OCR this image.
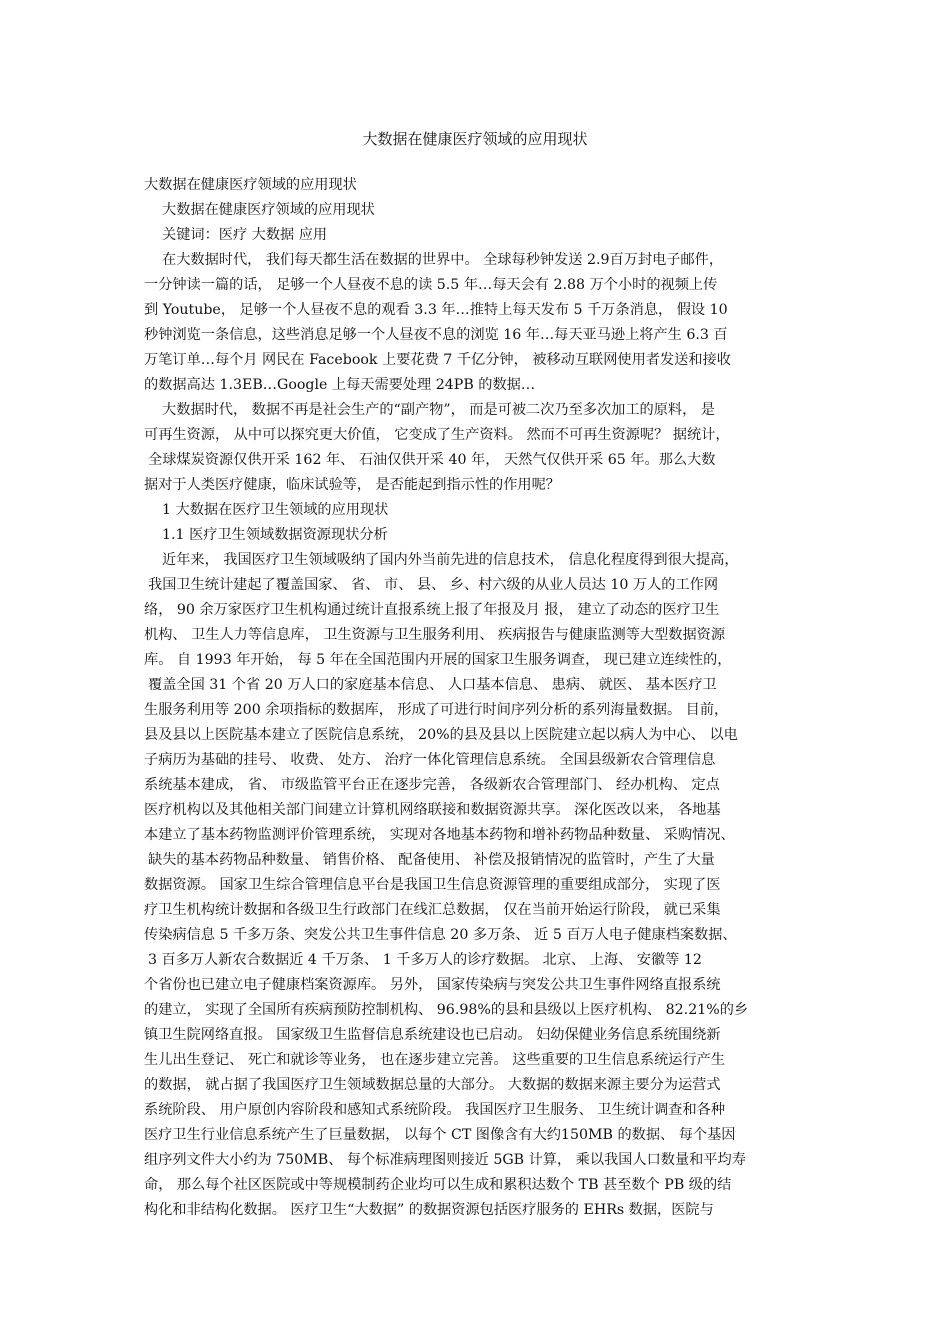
大数据在健康医疗领域的应用现状
大数据在健康医疗领域的应用现状
大数据在健康医疗领域的应用现状
关键词：医疗 大数据 应用
在大数据时代， 我们每天都生活在数据的世界中。 全球每秒钟发送 2.9百万封电子邮件，
一分钟读一篇的话， 足够一个人昼夜不息的读 5.5 年…每天会有 2.88 万个小时的视频上传
到 Youtube， 足够一个人昼夜不息的观看 3.3 年…推特上每天发布 5 千万条消息， 假设 10
秒钟浏览一条信息，这些消息足够一个人昼夜不息的浏览 16 年…每天亚马逊上将产生 6.3 百
万笔订单…每个月 网民在 Facebook 上要花费 7 千亿分钟， 被移动互联网使用者发送和接收
的数据高达 1.3EB…Google 上每天需要处理 24PB 的数据…
大数据时代， 数据不再是社会生产的“副产物”， 而是可被二次乃至多次加工的原料， 是
可再生资源， 从中可以探究更大价值， 它变成了生产资料。 然而不可再生资源呢？ 据统计，
全球煤炭资源仅供开采 162 年、 石油仅供开采 40 年， 天然气仅供开采 65 年。那么大数
据对于人类医疗健康，临床试验等， 是否能起到指示性的作用呢？
1 大数据在医疗卫生领域的应用现状
1.1 医疗卫生领域数据资源现状分析
近年来， 我国医疗卫生领域吸纳了国内外当前先进的信息技术， 信息化程度得到很大提高，
我国卫生统计建起了覆盖国家、 省、 市、 县、 乡、村六级的从业人员达 10 万人的工作网
络， 90 余万家医疗卫生机构通过统计直报系统上报了年报及月 报， 建立了动态的医疗卫生
机构、 卫生人力等信息库， 卫生资源与卫生服务利用、 疾病报告与健康监测等大型数据资源
库。 自 1993 年开始， 每 5 年在全国范围内开展的国家卫生服务调查， 现已建立连续性的，
覆盖全国 31 个省 20 万人口的家庭基本信息、 人口基本信息、 患病、 就医、 基本医疗卫
生服务利用等 200 余项指标的数据库， 形成了可进行时间序列分析的系列海量数据。 目前，
县及县以上医院基本建立了医院信息系统， 20%的县及县以上医院建立起以病人为中心、 以电
子病历为基础的挂号、 收费、 处方、 治疗一体化管理信息系统。 全国县级新农合管理信息
系统基本建成， 省、 市级监管平台正在逐步完善， 各级新农合管理部门、 经办机构、 定点
医疗机构以及其他相关部门间建立计算机网络联接和数据资源共享。 深化医改以来， 各地基
本建立了基本药物监测评价管理系统， 实现对各地基本药物和增补药物品种数量、 采购情况、
缺失的基本药物品种数量、 销售价格、 配备使用、 补偿及报销情况的监管时，产生了大量
数据资源。 国家卫生综合管理信息平台是我国卫生信息资源管理的重要组成部分， 实现了医
疗卫生机构统计数据和各级卫生行政部门在线汇总数据， 仅在当前开始运行阶段， 就已采集
传染病信息 5 千多万条、突发公共卫生事件信息 20 多万条、 近 5 百万人电子健康档案数据、
3 百多万人新农合数据近 4 千万条、 1 千多万人的诊疗数据。 北京、 上海、 安徽等 12
个省份也已建立电子健康档案资源库。 另外， 国家传染病与突发公共卫生事件网络直报系统
的建立， 实现了全国所有疾病预防控制机构、 96.98%的县和县级以上医疗机构、 82.21%的乡
镇卫生院网络直报。 国家级卫生监督信息系统建设也已启动。 妇幼保健业务信息系统围绕新
生儿出生登记、 死亡和就诊等业务， 也在逐步建立完善。 这些重要的卫生信息系统运行产生
的数据， 就占据了我国医疗卫生领域数据总量的大部分。 大数据的数据来源主要分为运营式
系统阶段、 用户原创内容阶段和感知式系统阶段。 我国医疗卫生服务、 卫生统计调查和各种
医疗卫生行业信息系统产生了巨量数据， 以每个 CT 图像含有大约150MB 的数据、 每个基因
组序列文件大小约为 750MB、 每个标准病理图则接近 5GB 计算， 乘以我国人口数量和平均寿
命， 那么每个社区医院或中等规模制药企业均可以生成和累积达数个 TB 甚至数个 PB 级的结
构化和非结构化数据。 医疗卫生“大数据” 的数据资源包括医疗服务的 EHRs 数据，医院与
